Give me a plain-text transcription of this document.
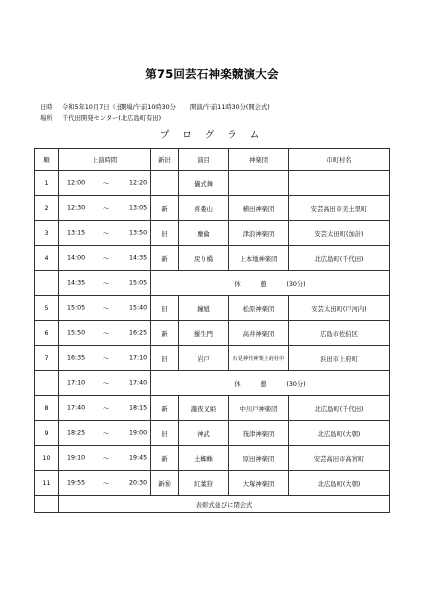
第75回芸石神楽競演大会
日時 令和5年10月7日（土）開場/午前10時30分 開演/午前11時30分(開会式)
場所 千代田開発センター(北広島町有田)
プ ロ グ ラ ム
順	上演時間	新旧	演目	神楽団	市町村名
1	12:00 ～ 12:20		儀式舞		
2	12:30 ～ 13:05	新	喜婁山	横田神楽団	安芸高田市美土里町
3	13:15 ～ 13:50	旧	塵倫	津浪神楽団	安芸太田町(加計)
4	14:00 ～ 14:35	新	戻り橋	上本地神楽団	北広島町(千代田)

	14:35 ～ 15:05	休 憩 (30分)			
5	15:05 ～ 15:40	旧	鐘馗	松原神楽団	安芸太田町(戸河内)
6	15:50 ～ 16:25	新	羅生門	高井神楽団	広島市佐伯区
7	16:35 ～ 17:10	旧	岩戸	石見神代神楽上府社中	浜田市上府町

	17:10 ～ 17:40	休 憩 (30分)			
8	17:40 ～ 18:15	新	瀧夜叉姫	中川戸神楽団	北広島町(千代田)
9	18:25 ～ 19:00	旧	神武	筏津神楽団	北広島町(大朝)
10	19:10 ～ 19:45	新	土蜘蛛	原田神楽団	安芸高田市高宮町
11	19:55 ～ 20:30	新㊗	紅葉狩	大塚神楽団	北広島町(大朝)
	表彰式並びに閉会式				
